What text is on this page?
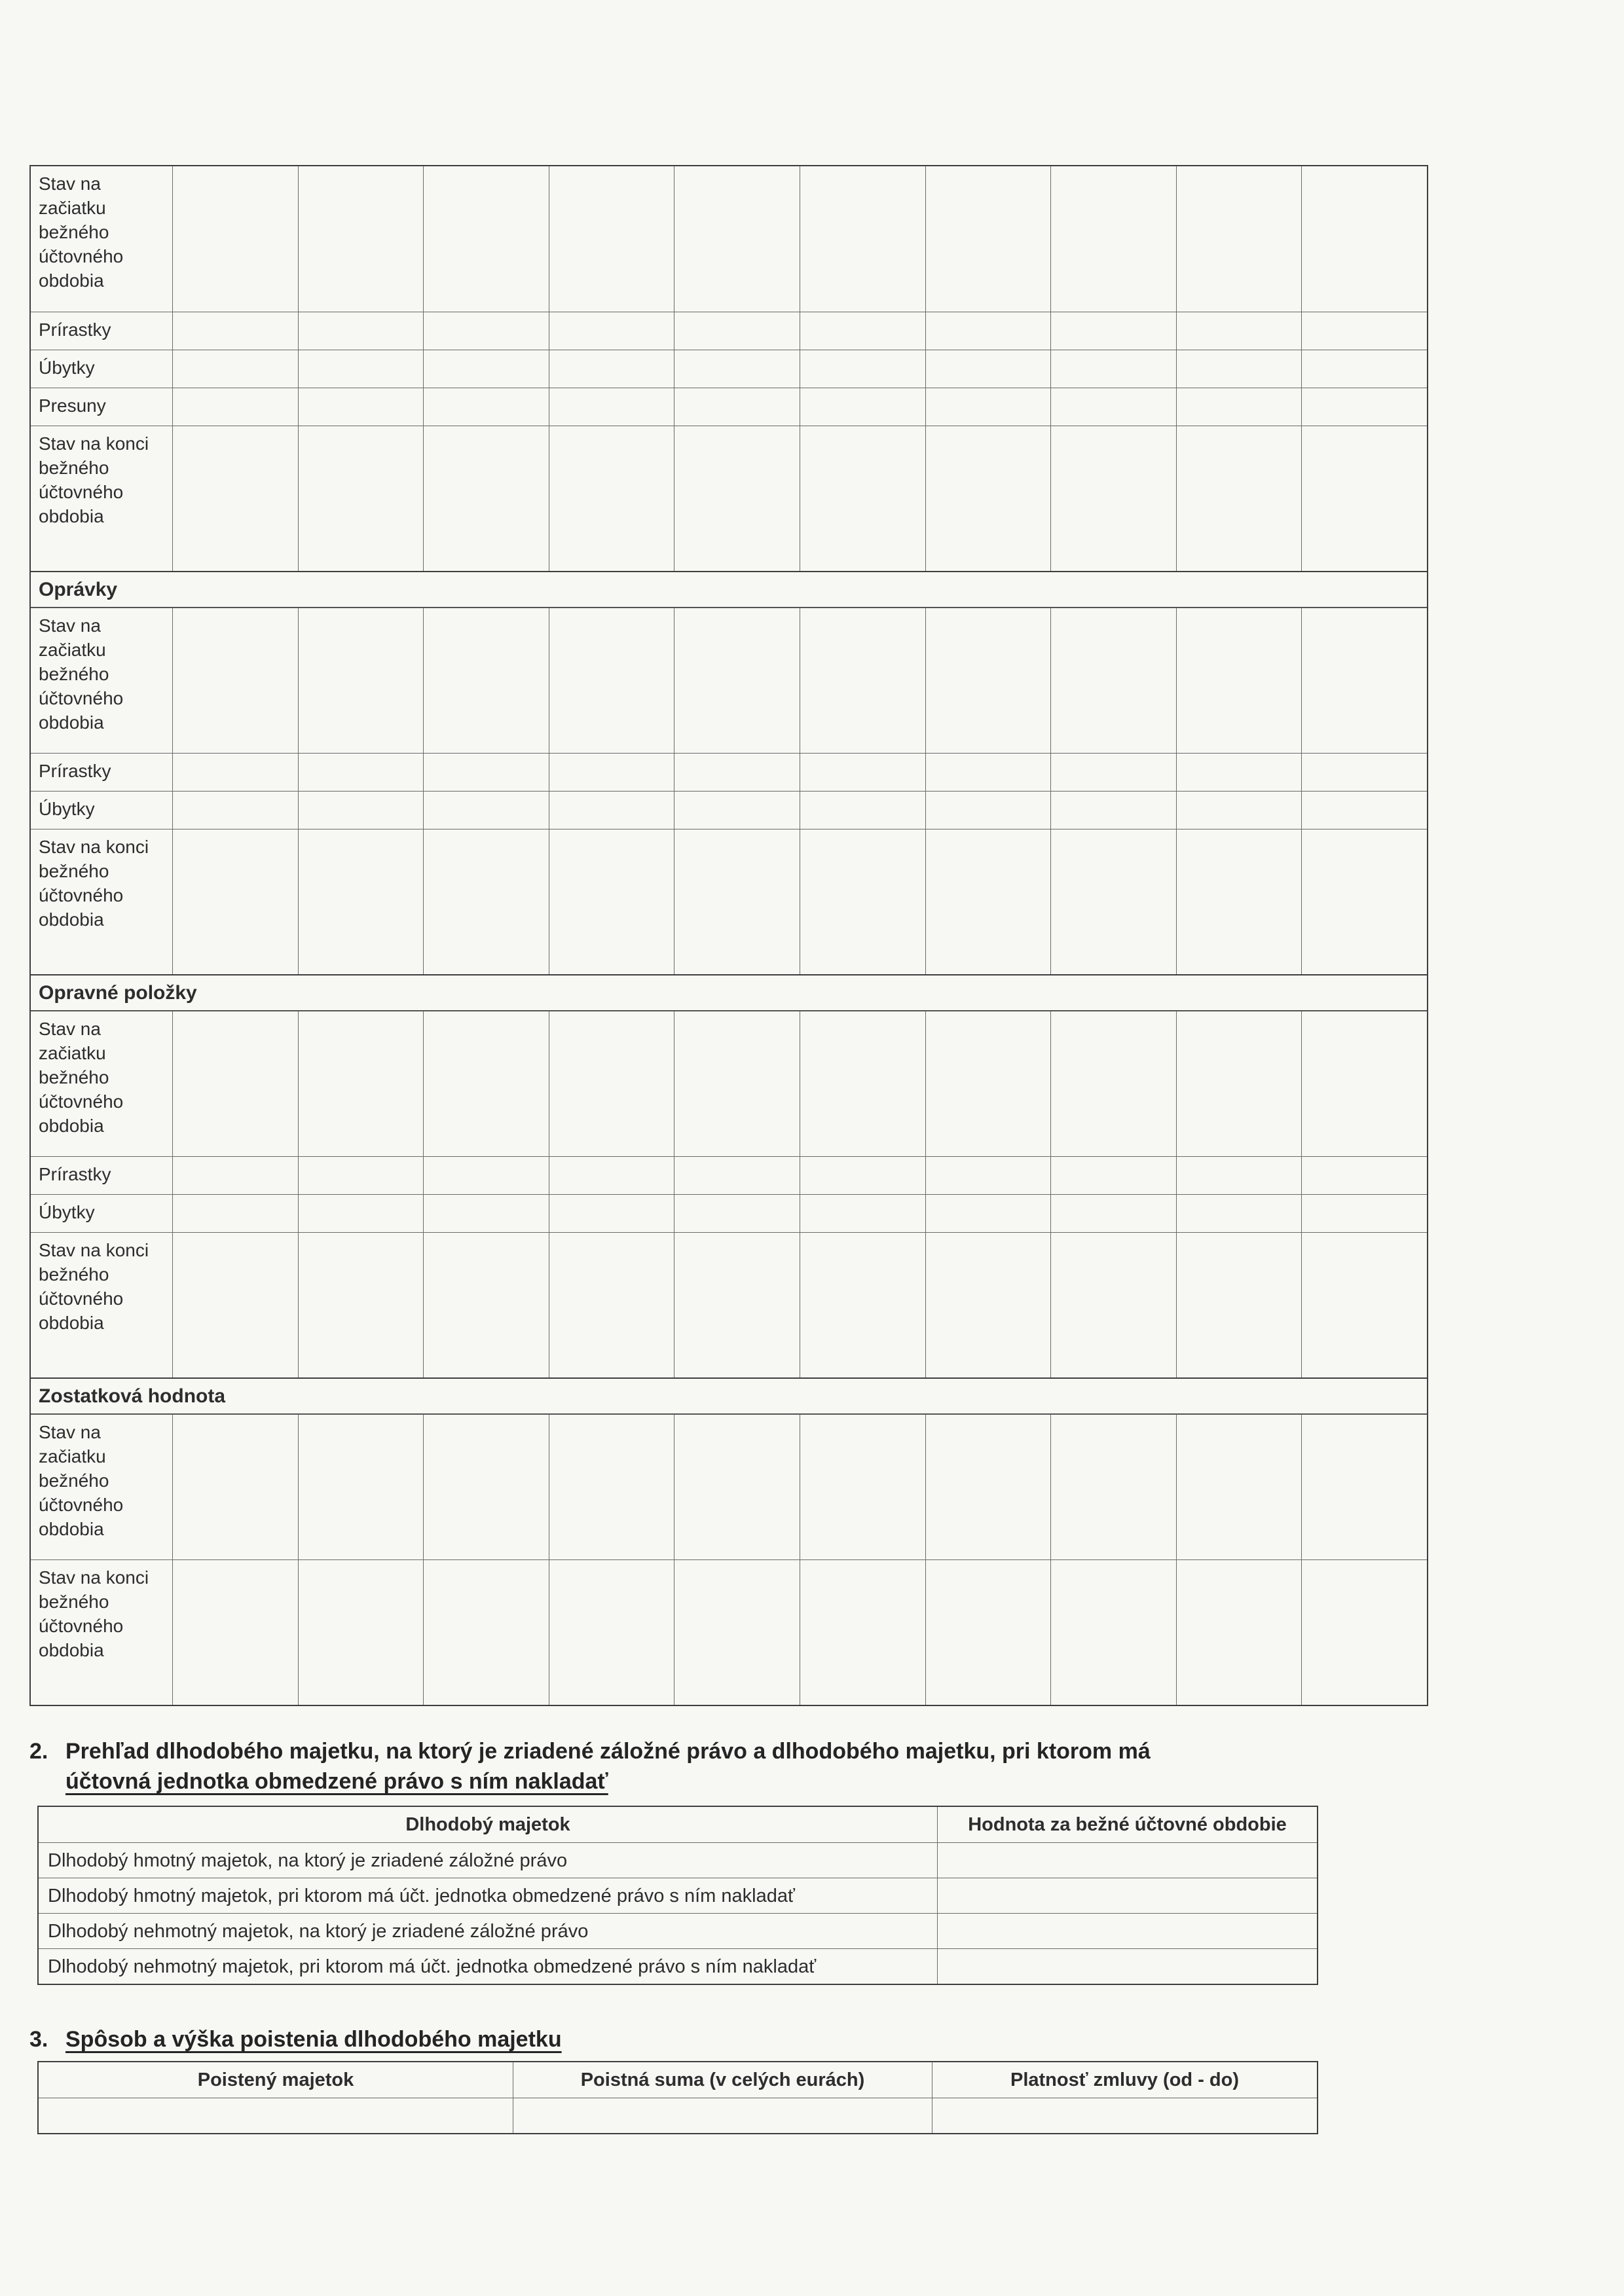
Stav na začiatku bežného účtovného obdobia
Prírastky
Úbytky
Presuny
Stav na konci bežného účtovného obdobia
Oprávky
Stav na začiatku bežného účtovného obdobia
Prírastky
Úbytky
Stav na konci bežného účtovného obdobia
Opravné položky
Stav na začiatku bežného účtovného obdobia
Prírastky
Úbytky
Stav na konci bežného účtovného obdobia
Zostatková hodnota
Stav na začiatku bežného účtovného obdobia
Stav na konci bežného účtovného obdobia
2. Prehľad dlhodobého majetku, na ktorý je zriadené záložné právo a dlhodobého majetku, pri ktorom má
účtovná jednotka obmedzené právo s ním nakladať
Dlhodobý majetok	Hodnota za bežné účtovné obdobie
Dlhodobý hmotný majetok, na ktorý je zriadené záložné právo
Dlhodobý hmotný majetok, pri ktorom má účt. jednotka obmedzené právo s ním nakladať
Dlhodobý nehmotný majetok, na ktorý je zriadené záložné právo
Dlhodobý nehmotný majetok, pri ktorom má účt. jednotka obmedzené právo s ním nakladať
3. Spôsob a výška poistenia dlhodobého majetku
Poistený majetok	Poistná suma (v celých eurách)	Platnosť zmluvy (od - do)
